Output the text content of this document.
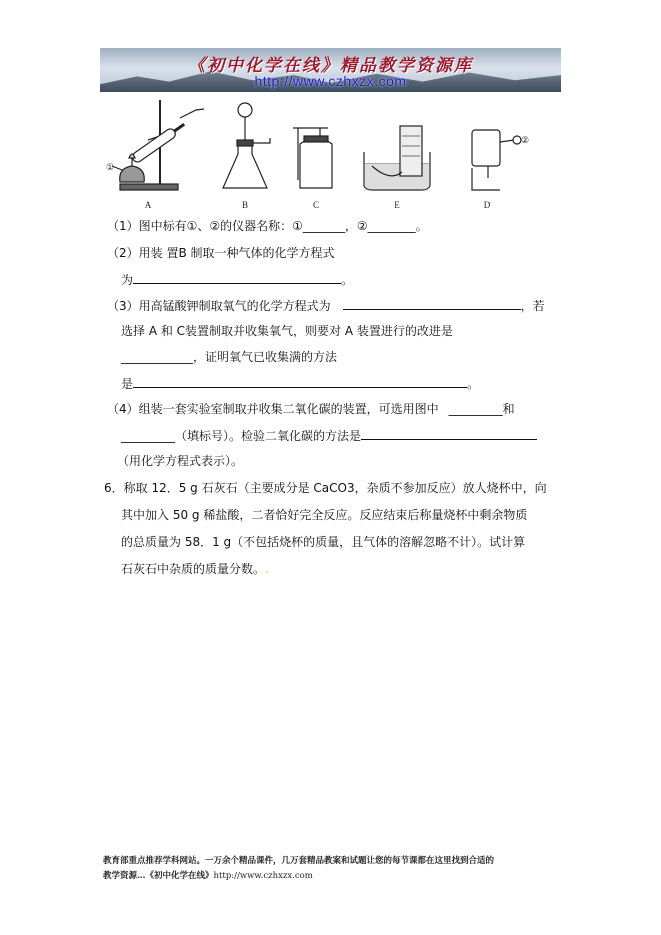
《初中化学在线》精品教学资源库
http://www.czhxzx.com
A	B	C	E	D
①
②
（1）图中标有①、②的仪器名称：①_______，②________。
（2）用装 置B 制取一种气体的化学方程式
为	。
（3）用高锰酸钾制取氧气的化学方程式为	，若
选择 A 和 C装置制取并收集氧气，则要对 A 装置进行的改进是
____________，证明氧气已收集满的方法
是	。
（4）组装一套实验室制取并收集二氧化碳的装置，可选用图中 _________和
_________（填标号）。检验二氧化碳的方法是
（用化学方程式表示）。
6．称取 12．5 g 石灰石（主要成分是 CaCO3，杂质不参加反应）放人烧杯中，向
其中加入 50 g 稀盐酸，二者恰好完全反应。反应结束后称量烧杯中剩余物质
的总质量为 58．1 g（不包括烧杯的质量，且气体的溶解忽略不计）。试计算
石灰石中杂质的质量分数。.
教育部重点推荐学科网站。一万余个精品课件，几万套精品教案和试题让您的每节课都在这里找到合适的
教学资源…《初中化学在线》http://www.czhxzx.com
